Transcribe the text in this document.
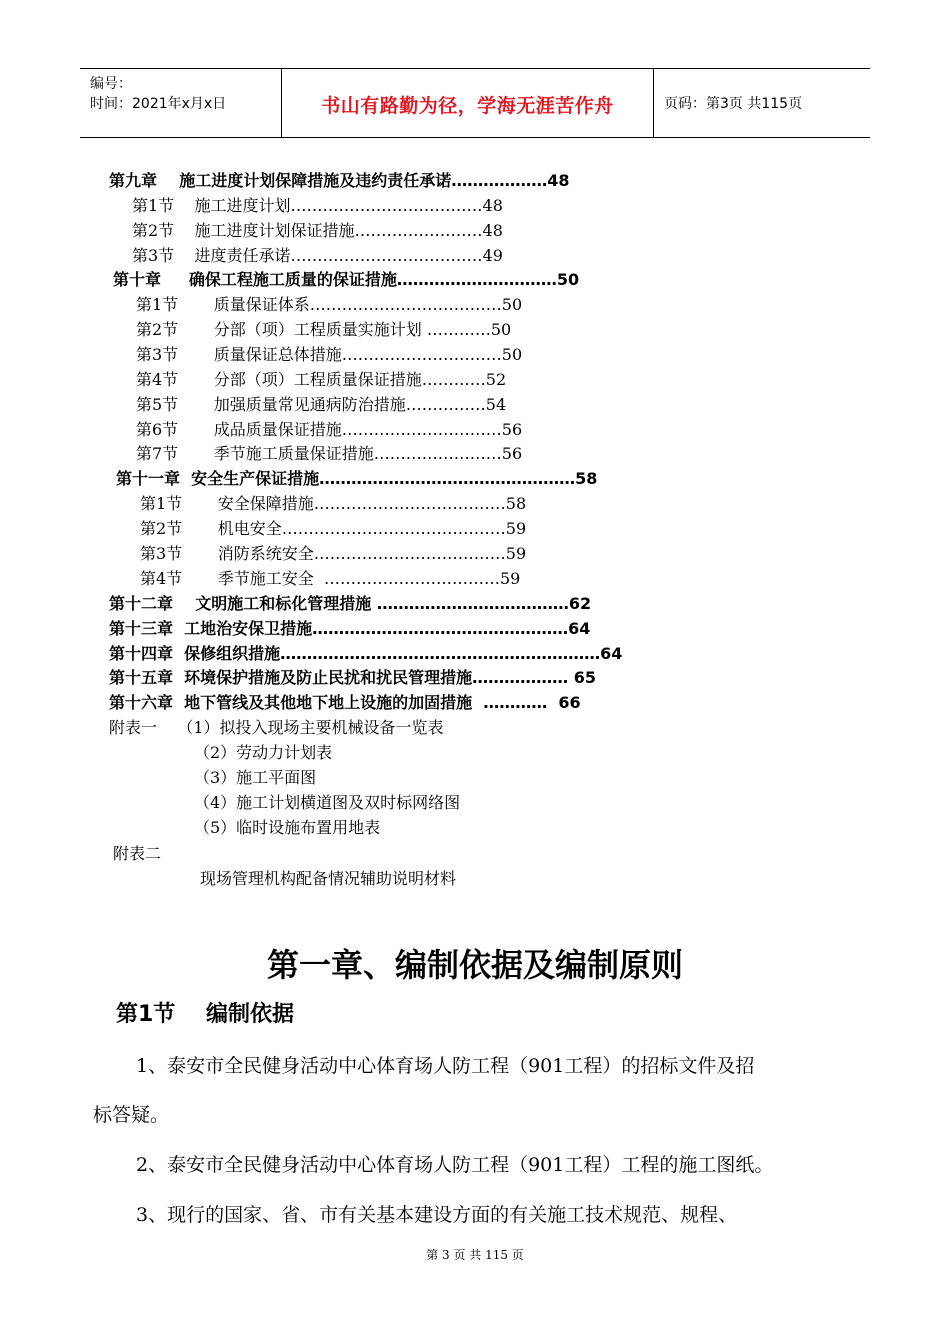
编号：
时间：2021年x月x日	书山有路勤为径，学海无涯苦作舟	页码：第3页 共115页
第九章    施工进度计划保障措施及违约责任承诺………………48
第1节    施工进度计划………………………………48
第2节    施工进度计划保证措施……………………48
第3节    进度责任承诺………………………………49
第十章     确保工程施工质量的保证措施…………………………50
第1节       质量保证体系………………………………50
第2节       分部（项）工程质量实施计划 …………50
第3节       质量保证总体措施…………………………50
第4节       分部（项）工程质量保证措施…………52
第5节       加强质量常见通病防治措施……………54
第6节       成品质量保证措施…………………………56
第7节       季节施工质量保证措施……………………56
第十一章  安全生产保证措施…………………………………………58
第1节       安全保障措施………………………………58
第2节       机电安全……………………………………59
第3节       消防系统安全………………………………59
第4节       季节施工安全  ……………………………59
第十二章    文明施工和标化管理措施 ………………………………62
第十三章  工地治安保卫措施…………………………………………64
第十四章  保修组织措施……………………………………………………64
第十五章  环境保护措施及防止民扰和扰民管理措施……………… 65
第十六章  地下管线及其他地下地上设施的加固措施  …………  66
附表一    （1）拟投入现场主要机械设备一览表
（2）劳动力计划表
（3）施工平面图
（4）施工计划横道图及双时标网络图
（5）临时设施布置用地表
附表二
现场管理机构配备情况辅助说明材料
第一章、编制依据及编制原则
第1节    编制依据
1、泰安市全民健身活动中心体育场人防工程（901工程）的招标文件及招
标答疑。
2、泰安市全民健身活动中心体育场人防工程（901工程）工程的施工图纸。
3、现行的国家、省、市有关基本建设方面的有关施工技术规范、规程、
第 3 页 共 115 页
